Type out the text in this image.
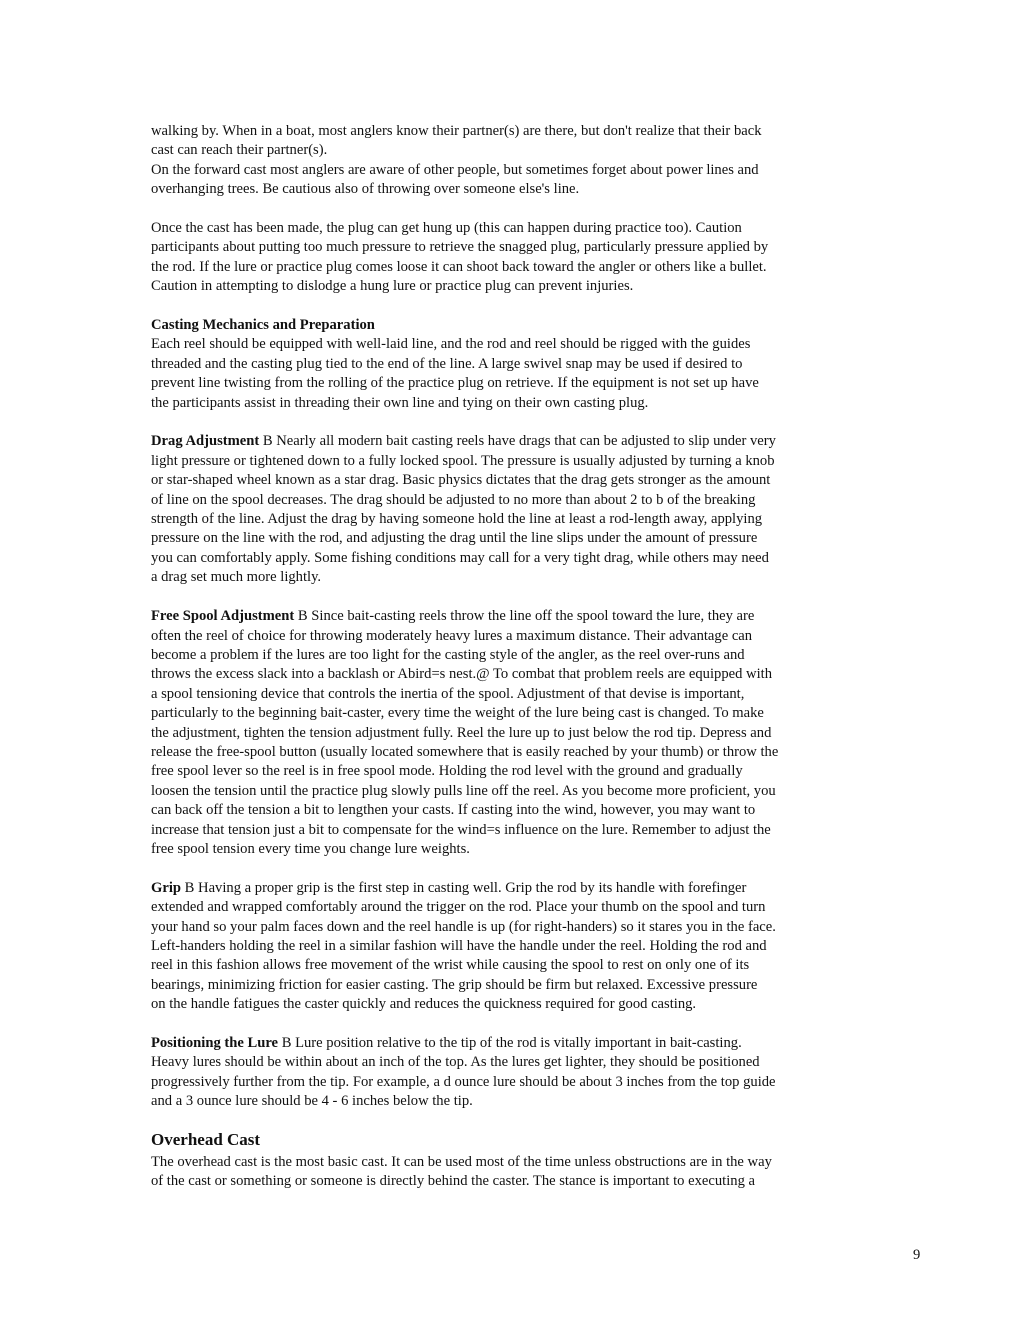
walking by. When in a boat, most anglers know their partner(s) are there, but don't realize that their back
cast can reach their partner(s).
On the forward cast most anglers are aware of other people, but sometimes forget about power lines and
overhanging trees. Be cautious also of throwing over someone else's line.

Once the cast has been made, the plug can get hung up (this can happen during practice too). Caution
participants about putting too much pressure to retrieve the snagged plug, particularly pressure applied by
the rod. If the lure or practice plug comes loose it can shoot back toward the angler or others like a bullet.
Caution in attempting to dislodge a hung lure or practice plug can prevent injuries.

Casting Mechanics and Preparation

Each reel should be equipped with well-laid line, and the rod and reel should be rigged with the guides
threaded and the casting plug tied to the end of the line. A large swivel snap may be used if desired to
prevent line twisting from the rolling of the practice plug on retrieve. If the equipment is not set up have
the participants assist in threading their own line and tying on their own casting plug.

Drag Adjustment B Nearly all modern bait casting reels have drags that can be adjusted to slip under very
light pressure or tightened down to a fully locked spool. The pressure is usually adjusted by turning a knob
or star-shaped wheel known as a star drag. Basic physics dictates that the drag gets stronger as the amount
of line on the spool decreases. The drag should be adjusted to no more than about 2 to b of the breaking
strength of the line. Adjust the drag by having someone hold the line at least a rod-length away, applying
pressure on the line with the rod, and adjusting the drag until the line slips under the amount of pressure
you can comfortably apply. Some fishing conditions may call for a very tight drag, while others may need
a drag set much more lightly.

Free Spool Adjustment B Since bait-casting reels throw the line off the spool toward the lure, they are
often the reel of choice for throwing moderately heavy lures a maximum distance. Their advantage can
become a problem if the lures are too light for the casting style of the angler, as the reel over-runs and
throws the excess slack into a backlash or Abird=s nest.@ To combat that problem reels are equipped with
a spool tensioning device that controls the inertia of the spool. Adjustment of that devise is important,
particularly to the beginning bait-caster, every time the weight of the lure being cast is changed. To make
the adjustment, tighten the tension adjustment fully. Reel the lure up to just below the rod tip. Depress and
release the free-spool button (usually located somewhere that is easily reached by your thumb) or throw the
free spool lever so the reel is in free spool mode. Holding the rod level with the ground and gradually
loosen the tension until the practice plug slowly pulls line off the reel. As you become more proficient, you
can back off the tension a bit to lengthen your casts. If casting into the wind, however, you may want to
increase that tension just a bit to compensate for the wind=s influence on the lure. Remember to adjust the
free spool tension every time you change lure weights.

Grip B Having a proper grip is the first step in casting well. Grip the rod by its handle with forefinger
extended and wrapped comfortably around the trigger on the rod. Place your thumb on the spool and turn
your hand so your palm faces down and the reel handle is up (for right-handers) so it stares you in the face.
Left-handers holding the reel in a similar fashion will have the handle under the reel. Holding the rod and
reel in this fashion allows free movement of the wrist while causing the spool to rest on only one of its
bearings, minimizing friction for easier casting. The grip should be firm but relaxed. Excessive pressure
on the handle fatigues the caster quickly and reduces the quickness required for good casting.

Positioning the Lure B Lure position relative to the tip of the rod is vitally important in bait-casting.
Heavy lures should be within about an inch of the top. As the lures get lighter, they should be positioned
progressively further from the tip. For example, a d ounce lure should be about 3 inches from the top guide
and a 3 ounce lure should be 4 - 6 inches below the tip.

Overhead Cast

The overhead cast is the most basic cast. It can be used most of the time unless obstructions are in the way
of the cast or something or someone is directly behind the caster. The stance is important to executing a

9
